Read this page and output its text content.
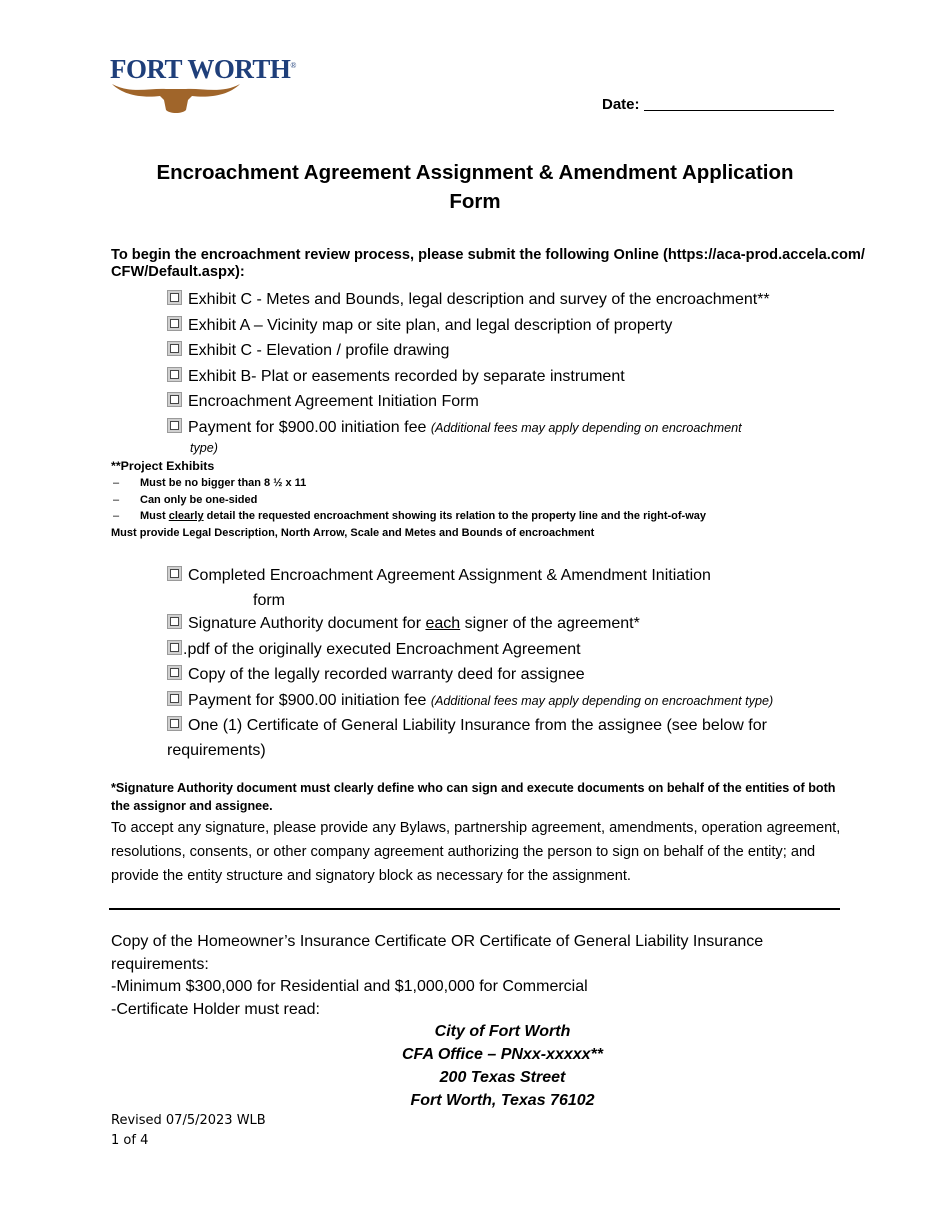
FORT WORTH®
Date:
Encroachment Agreement Assignment & Amendment Application
Form
To begin the encroachment review process, please submit the following Online (https://aca-prod.accela.com/ CFW/Default.aspx):
Exhibit C - Metes and Bounds, legal description and survey of the encroachment**
Exhibit A – Vicinity map or site plan, and legal description of property
Exhibit C - Elevation / profile drawing
Exhibit B- Plat or easements recorded by separate instrument
Encroachment Agreement Initiation Form
Payment for $900.00 initiation fee (Additional fees may apply depending on encroachment
type)
**Project Exhibits
– Must be no bigger than 8 ½ x 11
– Can only be one-sided
– Must clearly detail the requested encroachment showing its relation to the property line and the right-of-way
Must provide Legal Description, North Arrow, Scale and Metes and Bounds of encroachment
Completed Encroachment Agreement Assignment & Amendment Initiation
form
Signature Authority document for each signer of the agreement*
.pdf of the originally executed Encroachment Agreement
Copy of the legally recorded warranty deed for assignee
Payment for $900.00 initiation fee (Additional fees may apply depending on encroachment type)
One (1) Certificate of General Liability Insurance from the assignee (see below for
requirements)
*Signature Authority document must clearly define who can sign and execute documents on behalf of the entities of both the assignor and assignee.
To accept any signature, please provide any Bylaws, partnership agreement, amendments, operation agreement, resolutions, consents, or other company agreement authorizing the person to sign on behalf of the entity; and provide the entity structure and signatory block as necessary for the assignment.
Copy of the Homeowner’s Insurance Certificate OR Certificate of General Liability Insurance requirements:
-Minimum $300,000 for Residential and $1,000,000 for Commercial
-Certificate Holder must read:
City of Fort Worth
CFA Office – PNxx-xxxxx**
200 Texas Street
Fort Worth, Texas 76102
Revised 07/5/2023 WLB
1 of 4
